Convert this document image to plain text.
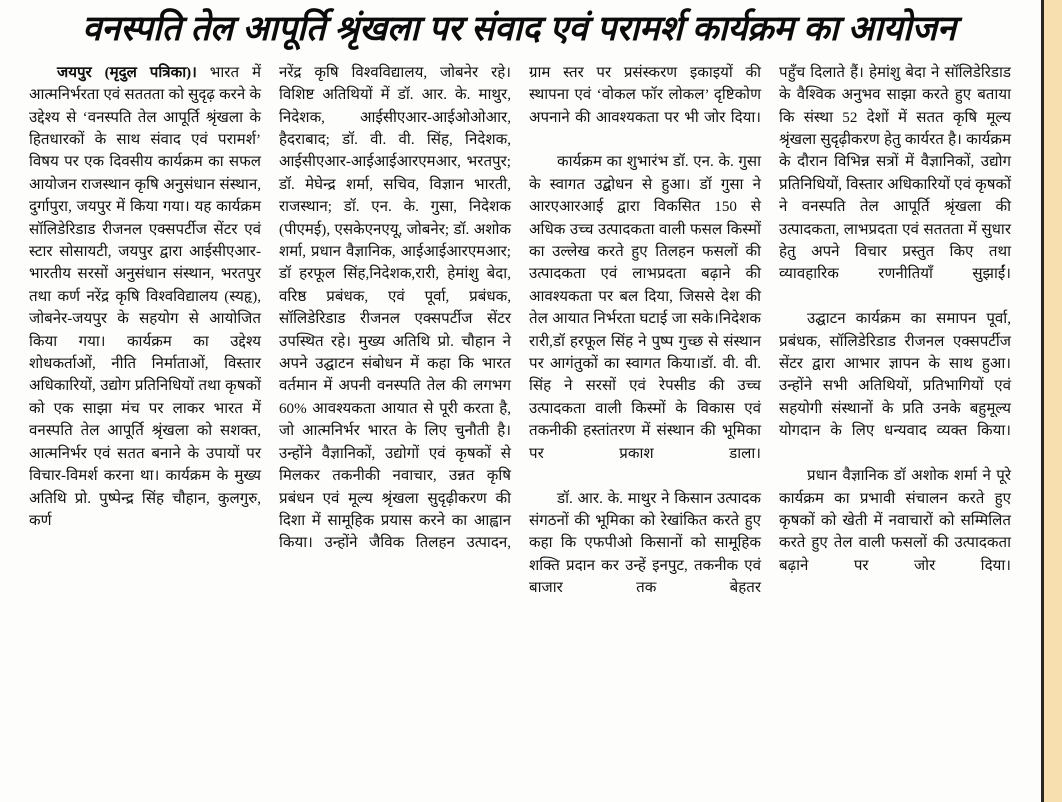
वनस्पति तेल आपूर्ति श्रृंखला पर संवाद एवं परामर्श कार्यक्रम का आयोजन

जयपुर (मृदुल पत्रिका)। भारत में आत्मनिर्भरता एवं सततता को सुदृढ़ करने के उद्देश्य से ‘वनस्पति तेल आपूर्ति श्रृंखला के हितधारकों के साथ संवाद एवं परामर्श’ विषय पर एक दिवसीय कार्यक्रम का सफल आयोजन राजस्थान कृषि अनुसंधान संस्थान, दुर्गापुरा, जयपुर में किया गया। यह कार्यक्रम सॉलिडेरिडाड रीजनल एक्सपर्टीज सेंटर एवं स्टार सोसायटी, जयपुर द्वारा आईसीएआर-भारतीय सरसों अनुसंधान संस्थान, भरतपुर तथा कर्ण नरेंद्र कृषि विश्वविद्यालय (स्यहृ), जोबनेर-जयपुर के सहयोग से आयोजित किया गया। कार्यक्रम का उद्देश्य शोधकर्ताओं, नीति निर्माताओं, विस्तार अधिकारियों, उद्योग प्रतिनिधियों तथा कृषकों को एक साझा मंच पर लाकर भारत में वनस्पति तेल आपूर्ति श्रृंखला को सशक्त, आत्मनिर्भर एवं सतत बनाने के उपायों पर विचार-विमर्श करना था। कार्यक्रम के मुख्य अतिथि प्रो. पुष्पेन्द्र सिंह चौहान, कुलगुरु, कर्ण

नरेंद्र कृषि विश्वविद्यालय, जोबनेर रहे। विशिष्ट अतिथियों में डॉ. आर. के. माथुर, निदेशक, आईसीएआर-आईओओआर, हैदराबाद; डॉ. वी. वी. सिंह, निदेशक, आईसीएआर-आईआईआरएमआर, भरतपुर; डॉ. मेघेन्द्र शर्मा, सचिव, विज्ञान भारती, राजस्थान; डॉ. एन. के. गुसा, निदेशक (पीएमई), एसकेएनएयू, जोबनेर; डॉ. अशोक शर्मा, प्रधान वैज्ञानिक, आईआईआरएमआर; डॉ हरफूल सिंह,निदेशक,रारी, हेमांशु बेदा, वरिष्ठ प्रबंधक, एवं पूर्वा, प्रबंधक, सॉलिडेरिडाड रीजनल एक्सपर्टीज सेंटर उपस्थित रहे। मुख्य अतिथि प्रो. चौहान ने अपने उद्घाटन संबोधन में कहा कि भारत वर्तमान में अपनी वनस्पति तेल की लगभग 60% आवश्यकता आयात से पूरी करता है, जो आत्मनिर्भर भारत के लिए चुनौती है। उन्होंने वैज्ञानिकों, उद्योगों एवं कृषकों से मिलकर तकनीकी नवाचार, उन्नत कृषि प्रबंधन एवं मूल्य श्रृंखला सुदृढ़ीकरण की दिशा में सामूहिक प्रयास करने का आह्वान किया। उन्होंने जैविक तिलहन उत्पादन,

ग्राम स्तर पर प्रसंस्करण इकाइयों की स्थापना एवं ‘वोकल फॉर लोकल’ दृष्टिकोण अपनाने की आवश्यकता पर भी जोर दिया।

कार्यक्रम का शुभारंभ डॉ. एन. के. गुसा के स्वागत उद्बोधन से हुआ। डॉ गुसा ने आरएआरआई द्वारा विकसित 150 से अधिक उच्च उत्पादकता वाली फसल किस्मों का उल्लेख करते हुए तिलहन फसलों की उत्पादकता एवं लाभप्रदता बढ़ाने की आवश्यकता पर बल दिया, जिससे देश की तेल आयात निर्भरता घटाई जा सके।निदेशक रारी,डॉ हरफूल सिंह ने पुष्प गुच्छ से संस्थान पर आगंतुकों का स्वागत किया।डॉ. वी. वी. सिंह ने सरसों एवं रेपसीड की उच्च उत्पादकता वाली किस्मों के विकास एवं तकनीकी हस्तांतरण में संस्थान की भूमिका पर प्रकाश डाला।

डॉ. आर. के. माथुर ने किसान उत्पादक संगठनों की भूमिका को रेखांकित करते हुए कहा कि एफपीओ किसानों को सामूहिक शक्ति प्रदान कर उन्हें इनपुट, तकनीक एवं बाजार तक बेहतर

पहुँच दिलाते हैं। हेमांशु बेदा ने सॉलिडेरिडाड के वैश्विक अनुभव साझा करते हुए बताया कि संस्था 52 देशों में सतत कृषि मूल्य श्रृंखला सुदृढ़ीकरण हेतु कार्यरत है। कार्यक्रम के दौरान विभिन्न सत्रों में वैज्ञानिकों, उद्योग प्रतिनिधियों, विस्तार अधिकारियों एवं कृषकों ने वनस्पति तेल आपूर्ति श्रृंखला की उत्पादकता, लाभप्रदता एवं सततता में सुधार हेतु अपने विचार प्रस्तुत किए तथा व्यावहारिक रणनीतियाँ सुझाईं।

उद्घाटन कार्यक्रम का समापन पूर्वा, प्रबंधक, सॉलिडेरिडाड रीजनल एक्सपर्टीज सेंटर द्वारा आभार ज्ञापन के साथ हुआ। उन्होंने सभी अतिथियों, प्रतिभागियों एवं सहयोगी संस्थानों के प्रति उनके बहुमूल्य योगदान के लिए धन्यवाद व्यक्त किया।

प्रधान वैज्ञानिक डॉ अशोक शर्मा ने पूरे कार्यक्रम का प्रभावी संचालन करते हुए कृषकों को खेती में नवाचारों को सम्मिलित करते हुए तेल वाली फसलों की उत्पादकता बढ़ाने पर जोर दिया।
